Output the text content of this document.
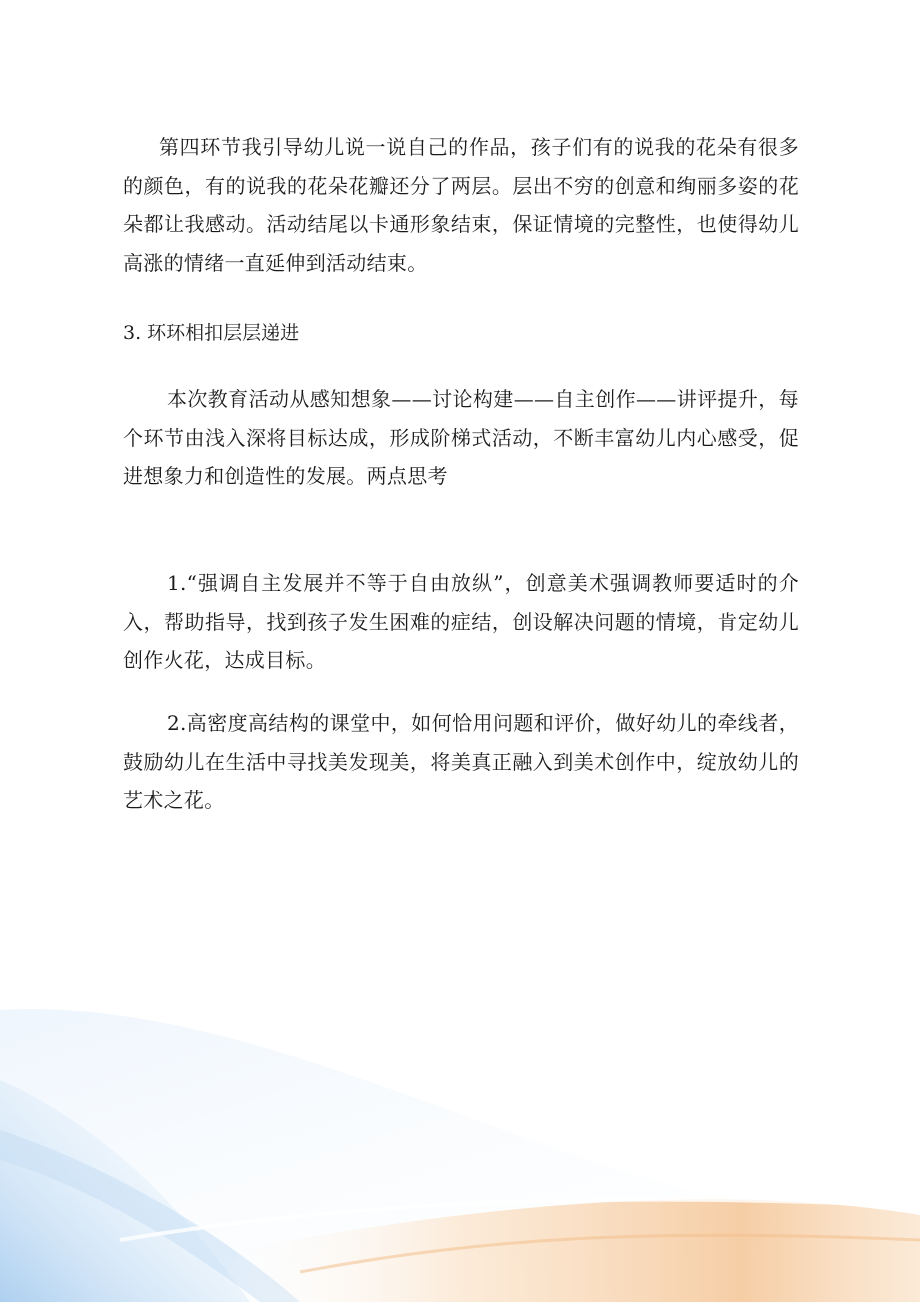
第四环节我引导幼儿说一说自己的作品，孩子们有的说我的花朵有很多的颜色，有的说我的花朵花瓣还分了两层。层出不穷的创意和绚丽多姿的花朵都让我感动。活动结尾以卡通形象结束，保证情境的完整性，也使得幼儿高涨的情绪一直延伸到活动结束。

3. 环环相扣层层递进

本次教育活动从感知想象——讨论构建——自主创作——讲评提升，每个环节由浅入深将目标达成，形成阶梯式活动，不断丰富幼儿内心感受，促进想象力和创造性的发展。两点思考

1.“强调自主发展并不等于自由放纵”，创意美术强调教师要适时的介入，帮助指导，找到孩子发生困难的症结，创设解决问题的情境，肯定幼儿创作火花，达成目标。

2.高密度高结构的课堂中，如何恰用问题和评价，做好幼儿的牵线者，鼓励幼儿在生活中寻找美发现美，将美真正融入到美术创作中，绽放幼儿的艺术之花。
